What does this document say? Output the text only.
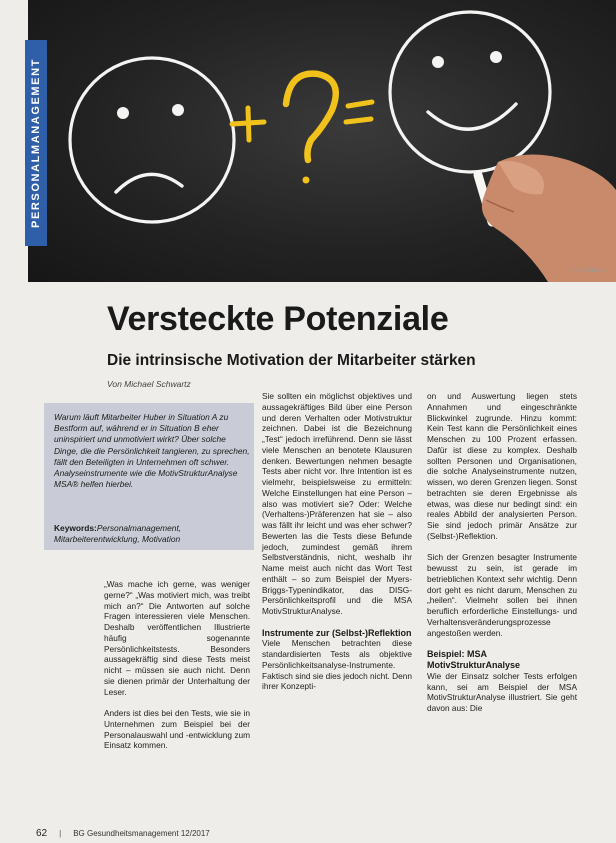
Foto: Fotolia
PERSONALMANAGEMENT
Versteckte Potenziale
Die intrinsische Motivation der Mitarbeiter stärken
Von Michael Schwartz
Warum läuft Mitarbeiter Huber in Situation A zu Bestform auf, während er in Situation B eher uninspiriert und unmotiviert wirkt? Über solche Dinge, die die Persönlichkeit tangieren, zu sprechen, fällt den Beteiligten in Unternehmen oft schwer. Analyseinstrumente wie die MotivStrukturAnalyse MSA® helfen hierbei.
Keywords:Personalmanagement, Mitarbeiterentwicklung, Motivation

„Was mache ich gerne, was weniger gerne?“ „Was motiviert mich, was treibt mich an?“ Die Antworten auf solche Fragen interessieren viele Menschen. Deshalb veröffentlichen Illustrierte häufig sogenannte Persönlichkeitstests. Besonders aussagekräftig sind diese Tests meist nicht – müssen sie auch nicht. Denn sie dienen primär der Unterhaltung der Leser.

Anders ist dies bei den Tests, wie sie in Unternehmen zum Beispiel bei der Personalauswahl und -entwicklung zum Einsatz kommen.

Sie sollten ein möglichst objektives und aussagekräftiges Bild über eine Person und deren Verhalten oder Motivstruktur zeichnen. Dabei ist die Bezeichnung „Test“ jedoch irreführend. Denn sie lässt viele Menschen an benotete Klausuren denken. Bewertungen nehmen besagte Tests aber nicht vor. Ihre Intention ist es vielmehr, beispielsweise zu ermitteln: Welche Einstellungen hat eine Person – also was motiviert sie? Oder: Welche (Verhaltens-)Präferenzen hat sie – also was fällt ihr leicht und was eher schwer? Bewerten las die Tests diese Befunde jedoch, zumindest gemäß ihrem Selbstverständnis, nicht, weshalb ihr Name meist auch nicht das Wort Test enthält – so zum Beispiel der Myers-Briggs-Typenindikator, das DISG-Persönlichkeitsprofil und die MSA MotivStrukturAnalyse.

Instrumente zur (Selbst-)Reflektion

Viele Menschen betrachten diese standardisierten Tests als objektive Persönlichkeitsanalyse-Instrumente. Faktisch sind sie dies jedoch nicht. Denn ihrer Konzepti-

on und Auswertung liegen stets Annahmen und eingeschränkte Blickwinkel zugrunde. Hinzu kommt: Kein Test kann die Persönlichkeit eines Menschen zu 100 Prozent erfassen. Dafür ist diese zu komplex. Deshalb sollten Personen und Organisationen, die solche Analyseinstrumente nutzen, wissen, wo deren Grenzen liegen. Sonst betrachten sie deren Ergebnisse als etwas, was diese nur bedingt sind: ein reales Abbild der analysierten Person. Sie sind jedoch primär Ansätze zur (Selbst-)Reflektion.

Sich der Grenzen besagter Instrumente bewusst zu sein, ist gerade im betrieblichen Kontext sehr wichtig. Denn dort geht es nicht darum, Menschen zu „heilen“. Vielmehr sollen bei ihnen beruflich erforderliche Einstellungs- und Verhaltensveränderungsprozesse angestoßen werden.

Beispiel: MSA MotivStrukturAnalyse

Wie der Einsatz solcher Tests erfolgen kann, sei am Beispiel der MSA MotivStrukturAnalyse illustriert. Sie geht davon aus: Die

62 | BG Gesundheitsmanagement 12/2017
